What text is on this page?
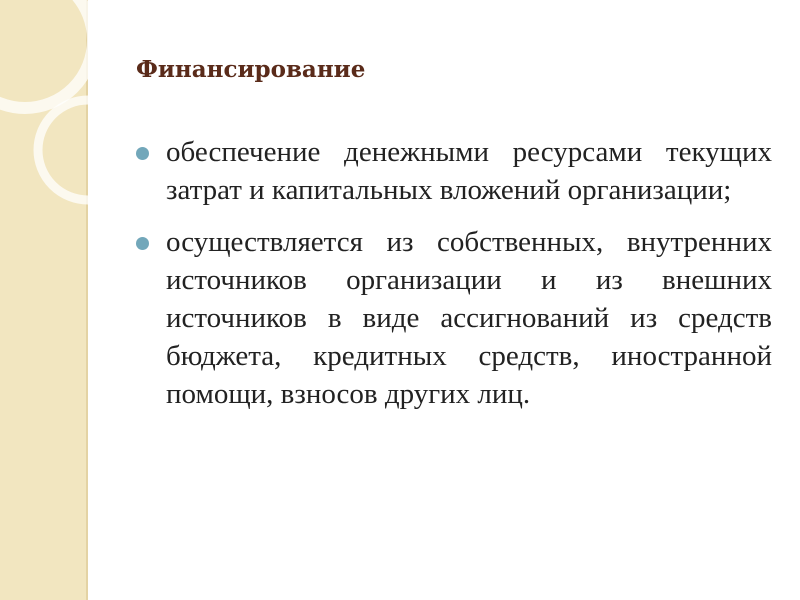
Финансирование
обеспечение денежными ресурсами текущих затрат и капитальных вложений организации;
осуществляется из собственных, внутренних источников организации и из внешних источников в виде ассигнований из средств бюджета, кредитных средств, иностранной помощи, взносов других лиц.
